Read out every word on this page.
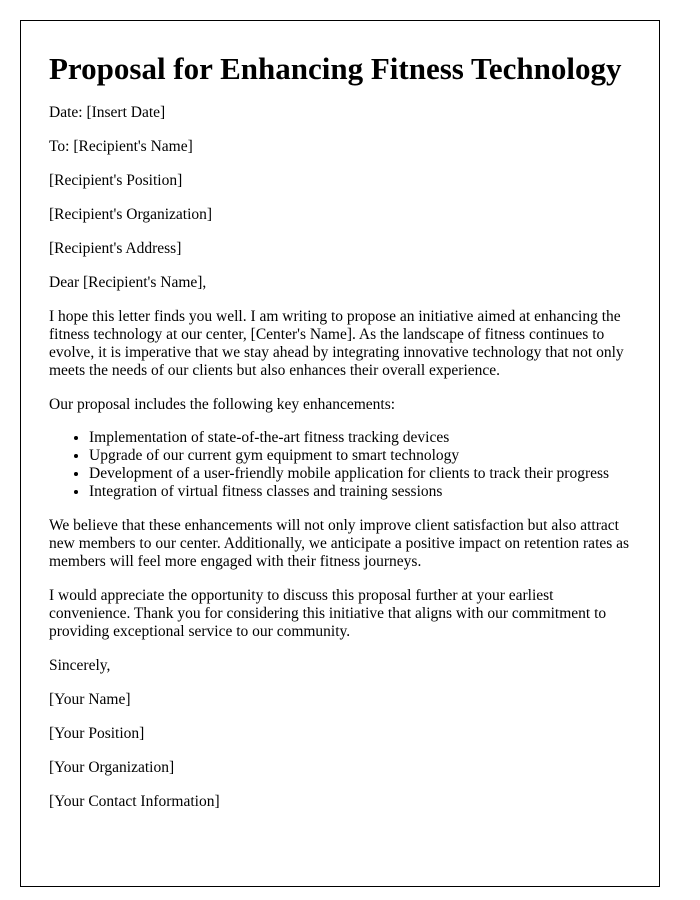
Proposal for Enhancing Fitness Technology

Date: [Insert Date]

To: [Recipient's Name]

[Recipient's Position]

[Recipient's Organization]

[Recipient's Address]

Dear [Recipient's Name],

I hope this letter finds you well. I am writing to propose an initiative aimed at enhancing the fitness technology at our center, [Center's Name]. As the landscape of fitness continues to evolve, it is imperative that we stay ahead by integrating innovative technology that not only meets the needs of our clients but also enhances their overall experience.

Our proposal includes the following key enhancements:

• Implementation of state-of-the-art fitness tracking devices
• Upgrade of our current gym equipment to smart technology
• Development of a user-friendly mobile application for clients to track their progress
• Integration of virtual fitness classes and training sessions

We believe that these enhancements will not only improve client satisfaction but also attract new members to our center. Additionally, we anticipate a positive impact on retention rates as members will feel more engaged with their fitness journeys.

I would appreciate the opportunity to discuss this proposal further at your earliest convenience. Thank you for considering this initiative that aligns with our commitment to providing exceptional service to our community.

Sincerely,

[Your Name]

[Your Position]

[Your Organization]

[Your Contact Information]
